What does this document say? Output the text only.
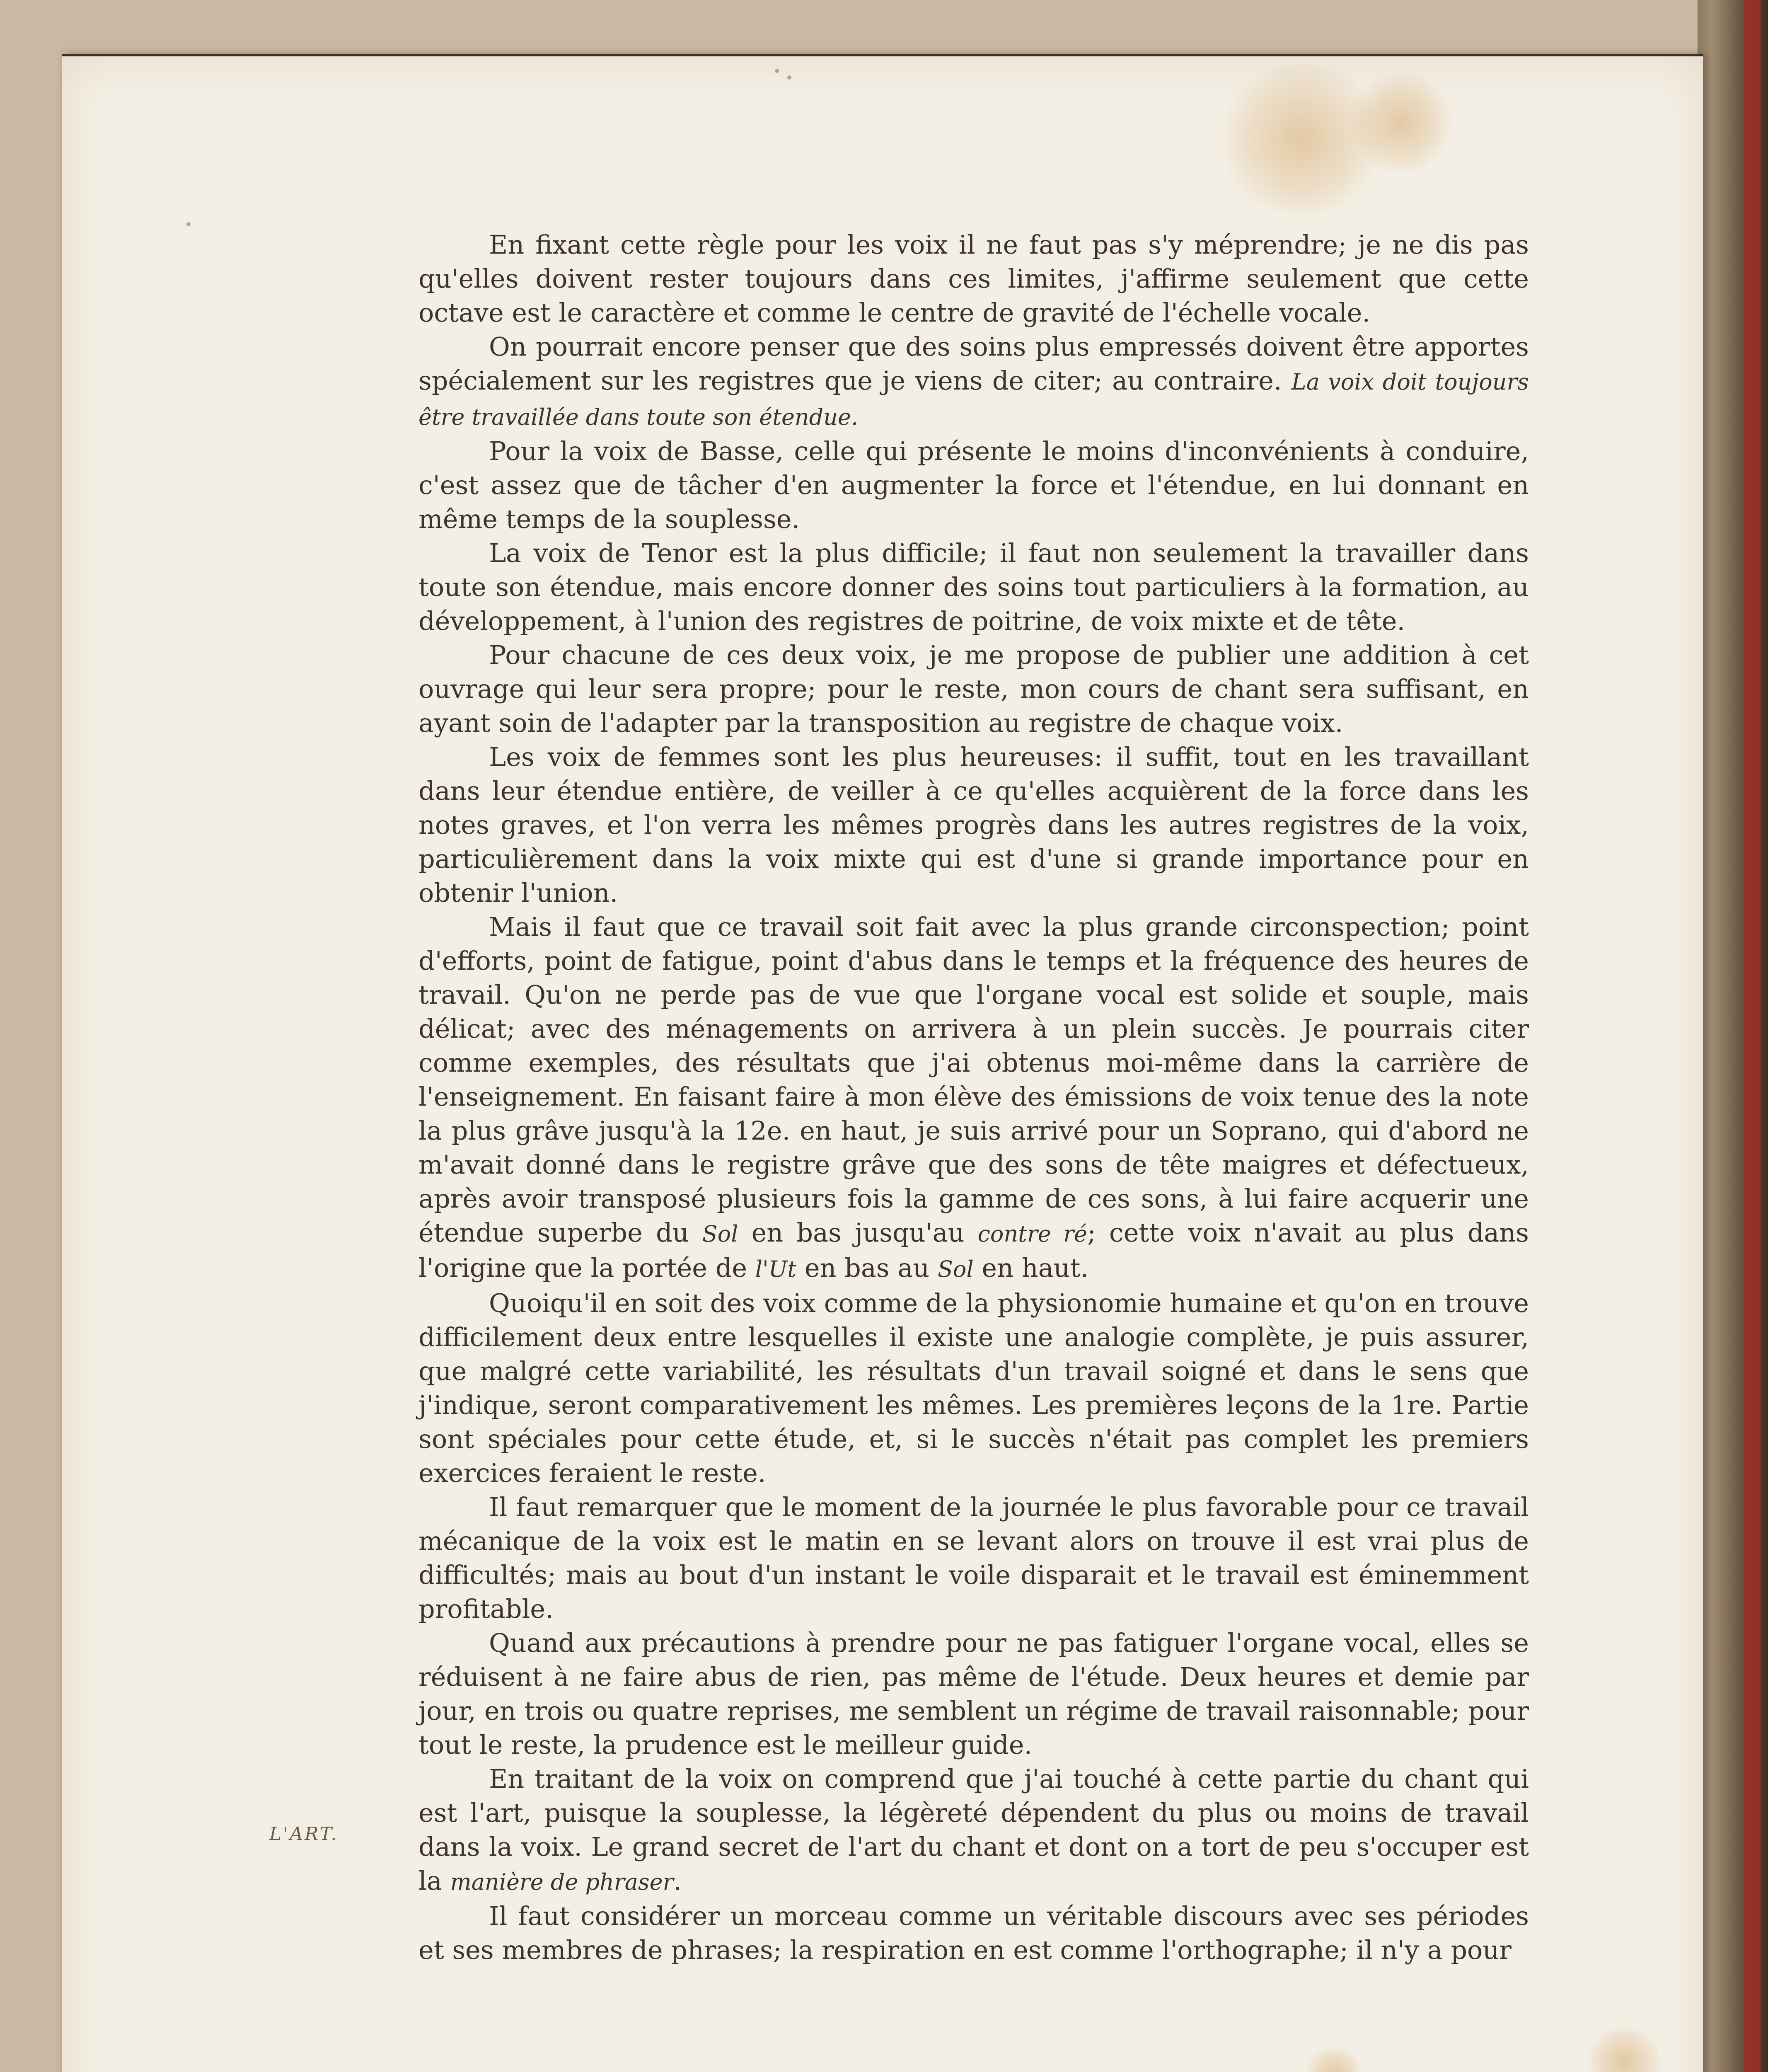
En fixant cette règle pour les voix il ne faut pas s'y méprendre; je ne dis pas qu'elles doivent rester toujours dans ces limites, j'affirme seulement que cette octave est le caractère et comme le centre de gravité de l'échelle vocale.

On pourrait encore penser que des soins plus empressés doivent être apportes spécialement sur les registres que je viens de citer; au contraire. La voix doit toujours être travaillée dans toute son étendue.

Pour la voix de Basse, celle qui présente le moins d'inconvénients à conduire, c'est assez que de tâcher d'en augmenter la force et l'étendue, en lui donnant en même temps de la souplesse.

La voix de Tenor est la plus difficile; il faut non seulement la travailler dans toute son étendue, mais encore donner des soins tout particuliers à la formation, au développement, à l'union des registres de poitrine, de voix mixte et de tête.

Pour chacune de ces deux voix, je me propose de publier une addition à cet ouvrage qui leur sera propre; pour le reste, mon cours de chant sera suffisant, en ayant soin de l'adapter par la transposition au registre de chaque voix.

Les voix de femmes sont les plus heureuses: il suffit, tout en les travaillant dans leur étendue entière, de veiller à ce qu'elles acquièrent de la force dans les notes graves, et l'on verra les mêmes progrès dans les autres registres de la voix, particulièrement dans la voix mixte qui est d'une si grande importance pour en obtenir l'union.

Mais il faut que ce travail soit fait avec la plus grande circonspection; point d'efforts, point de fatigue, point d'abus dans le temps et la fréquence des heures de travail. Qu'on ne perde pas de vue que l'organe vocal est solide et souple, mais délicat; avec des ménagements on arrivera à un plein succès. Je pourrais citer comme exemples, des résultats que j'ai obtenus moi-même dans la carrière de l'enseignement. En faisant faire à mon élève des émissions de voix tenue des la note la plus grâve jusqu'à la 12e. en haut, je suis arrivé pour un Soprano, qui d'abord ne m'avait donné dans le registre grâve que des sons de tête maigres et défectueux, après avoir transposé plusieurs fois la gamme de ces sons, à lui faire acquerir une étendue superbe du Sol en bas jusqu'au contre ré; cette voix n'avait au plus dans l'origine que la portée de l'Ut en bas au Sol en haut.

Quoiqu'il en soit des voix comme de la physionomie humaine et qu'on en trouve difficilement deux entre lesquelles il existe une analogie complète, je puis assurer, que malgré cette variabilité, les résultats d'un travail soigné et dans le sens que j'indique, seront comparativement les mêmes. Les premières leçons de la 1re. Partie sont spéciales pour cette étude, et, si le succès n'était pas complet les premiers exercices feraient le reste.

Il faut remarquer que le moment de la journée le plus favorable pour ce travail mécanique de la voix est le matin en se levant alors on trouve il est vrai plus de difficultés; mais au bout d'un instant le voile disparait et le travail est éminemment profitable.

Quand aux précautions à prendre pour ne pas fatiguer l'organe vocal, elles se réduisent à ne faire abus de rien, pas même de l'étude. Deux heures et demie par jour, en trois ou quatre reprises, me semblent un régime de travail raisonnable; pour tout le reste, la prudence est le meilleur guide.

En traitant de la voix on comprend que j'ai touché à cette partie du chant qui est l'art, puisque la souplesse, la légèreté dépendent du plus ou moins de travail dans la voix. Le grand secret de l'art du chant et dont on a tort de peu s'occuper est la manière de phraser.

Il faut considérer un morceau comme un véritable discours avec ses périodes et ses membres de phrases; la respiration en est comme l'orthographe; il n'y a pour

L'ART.
